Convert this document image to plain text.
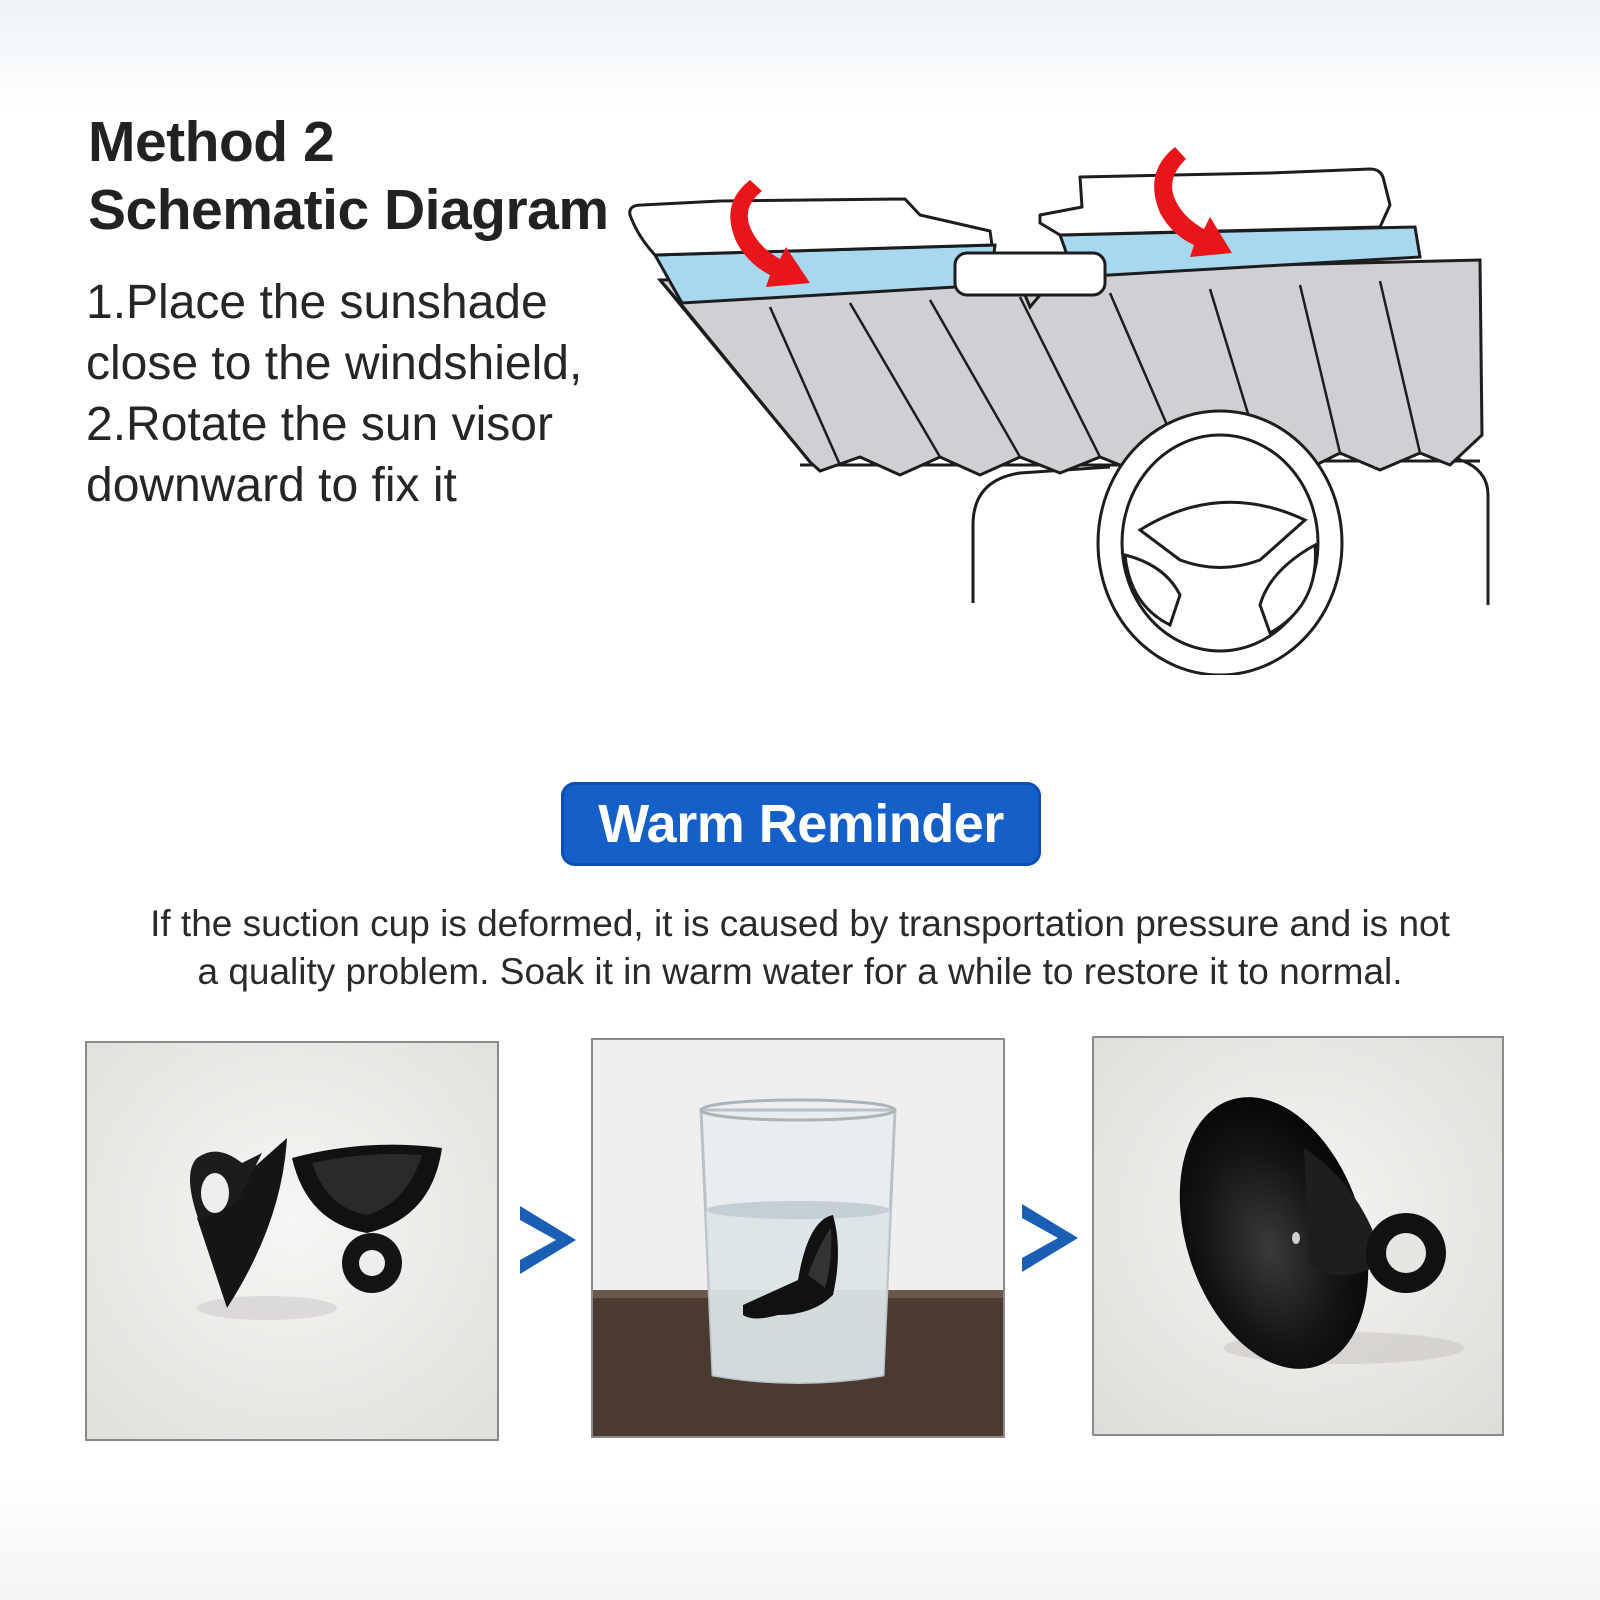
Method 2
Schematic Diagram
1.Place the sunshade
close to the windshield,
2.Rotate the sun visor
downward to fix it
Warm Reminder
If the suction cup is deformed, it is caused by transportation pressure and is not
a quality problem. Soak it in warm water for a while to restore it to normal.
